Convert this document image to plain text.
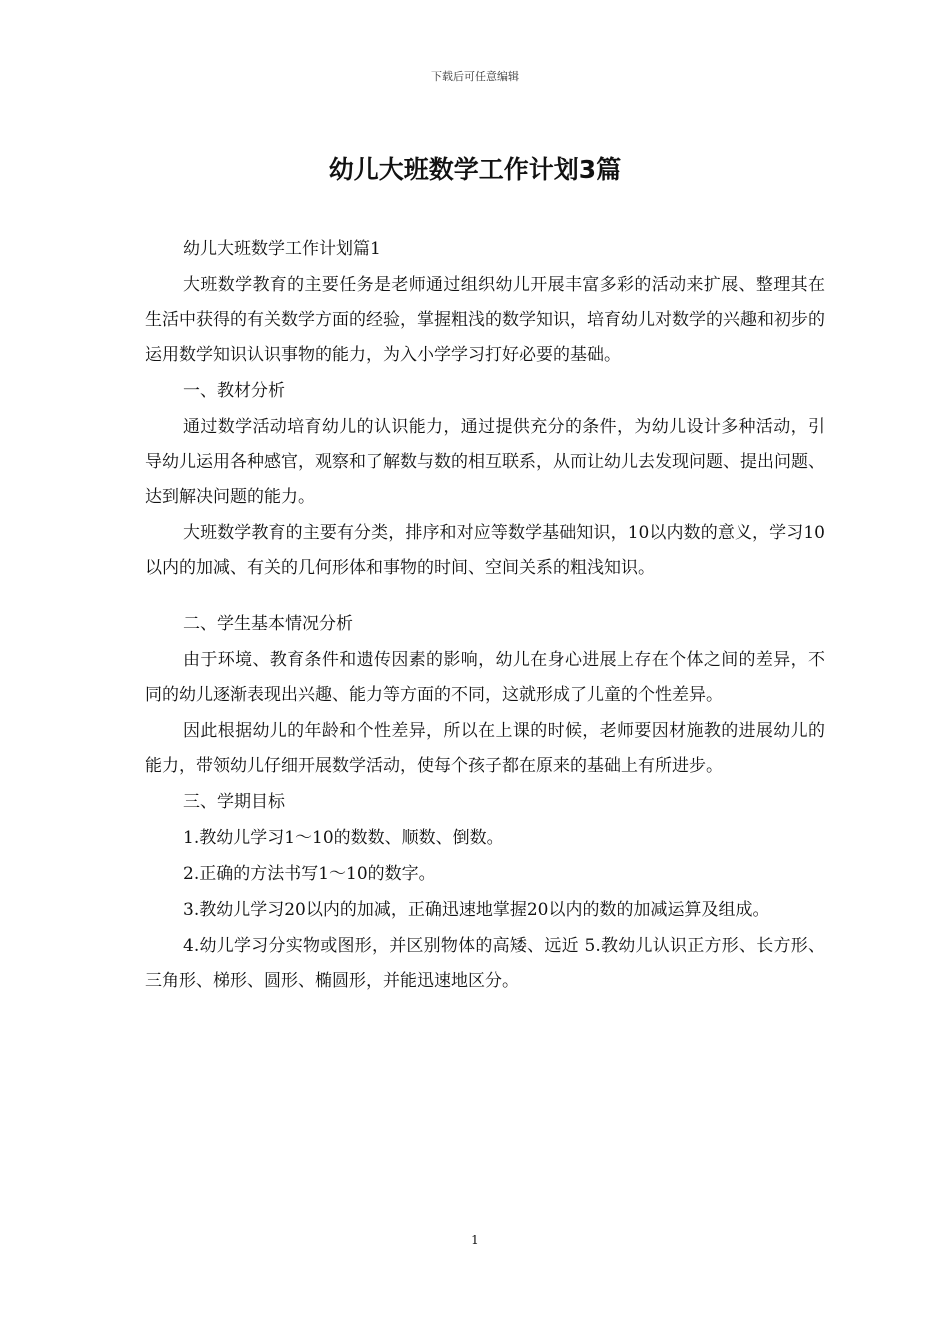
下载后可任意编辑
幼儿大班数学工作计划3篇

幼儿大班数学工作计划篇1

大班数学教育的主要任务是老师通过组织幼儿开展丰富多彩的活动来扩展、整理其在生活中获得的有关数学方面的经验，掌握粗浅的数学知识，培育幼儿对数学的兴趣和初步的运用数学知识认识事物的能力，为入小学学习打好必要的基础。

一、教材分析

通过数学活动培育幼儿的认识能力，通过提供充分的条件，为幼儿设计多种活动，引导幼儿运用各种感官，观察和了解数与数的相互联系，从而让幼儿去发现问题、提出问题、达到解决问题的能力。

大班数学教育的主要有分类，排序和对应等数学基础知识，10以内数的意义，学习10以内的加减、有关的几何形体和事物的时间、空间关系的粗浅知识。

二、学生基本情况分析

由于环境、教育条件和遗传因素的影响，幼儿在身心进展上存在个体之间的差异，不同的幼儿逐渐表现出兴趣、能力等方面的不同，这就形成了儿童的个性差异。

因此根据幼儿的年龄和个性差异，所以在上课的时候，老师要因材施教的进展幼儿的能力，带领幼儿仔细开展数学活动，使每个孩子都在原来的基础上有所进步。

三、学期目标

1.教幼儿学习1～10的数数、顺数、倒数。

2.正确的方法书写1～10的数字。

3.教幼儿学习20以内的加减，正确迅速地掌握20以内的数的加减运算及组成。

4.幼儿学习分实物或图形，并区别物体的高矮、远近 5.教幼儿认识正方形、长方形、三角形、梯形、圆形、椭圆形，并能迅速地区分。

1
